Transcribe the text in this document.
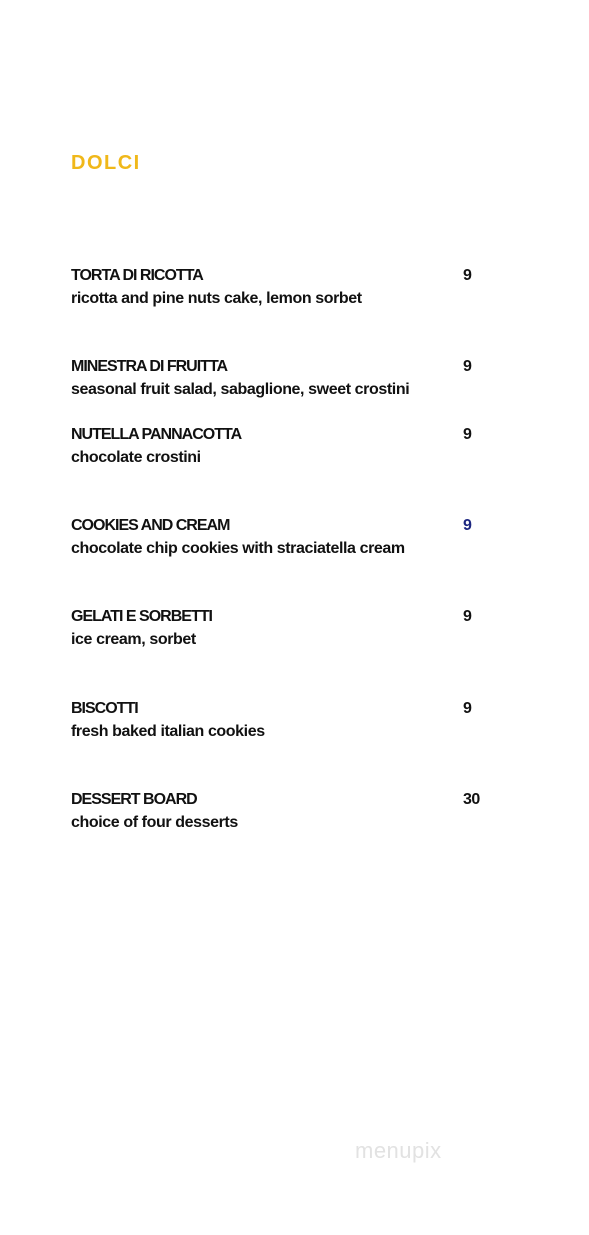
DOLCI
TORTA DI RICOTTA
ricotta and pine nuts cake, lemon sorbet
9
MINESTRA DI FRUITTA
seasonal fruit salad, sabaglione, sweet crostini
9
NUTELLA PANNACOTTA
chocolate crostini
9
COOKIES AND CREAM
chocolate chip cookies with straciatella cream
9
GELATI E SORBETTI
ice cream, sorbet
9
BISCOTTI
fresh baked italian cookies
9
DESSERT BOARD
choice of four desserts
30
menupix
